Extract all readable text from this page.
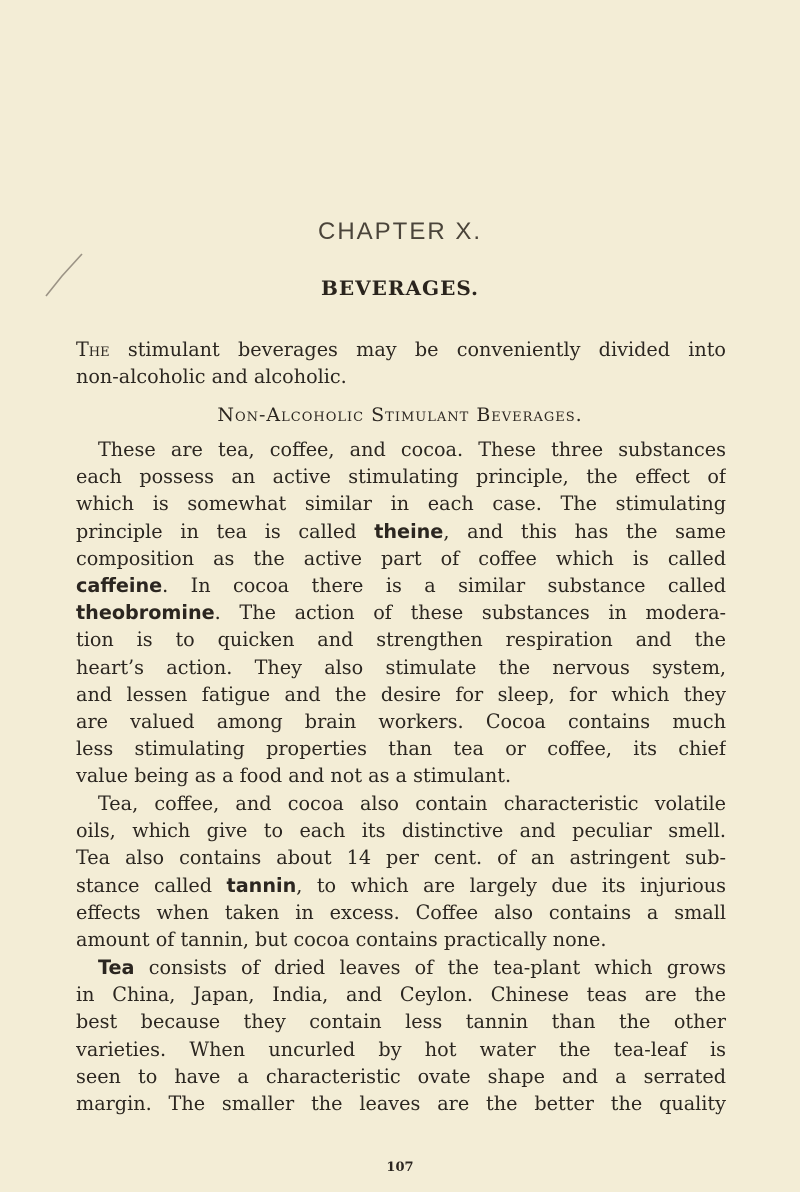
CHAPTER X.
BEVERAGES.
The stimulant beverages may be conveniently divided into
non-alcoholic and alcoholic.
Non-Alcoholic Stimulant Beverages.
These are tea, coffee, and cocoa. These three substances
each possess an active stimulating principle, the effect of
which is somewhat similar in each case. The stimulating
principle in tea is called theine, and this has the same
composition as the active part of coffee which is called
caffeine. In cocoa there is a similar substance called
theobromine. The action of these substances in modera-
tion is to quicken and strengthen respiration and the
heart’s action. They also stimulate the nervous system,
and lessen fatigue and the desire for sleep, for which they
are valued among brain workers. Cocoa contains much
less stimulating properties than tea or coffee, its chief
value being as a food and not as a stimulant.
Tea, coffee, and cocoa also contain characteristic volatile
oils, which give to each its distinctive and peculiar smell.
Tea also contains about 14 per cent. of an astringent sub-
stance called tannin, to which are largely due its injurious
effects when taken in excess. Coffee also contains a small
amount of tannin, but cocoa contains practically none.
Tea consists of dried leaves of the tea-plant which grows
in China, Japan, India, and Ceylon. Chinese teas are the
best because they contain less tannin than the other
varieties. When uncurled by hot water the tea-leaf is
seen to have a characteristic ovate shape and a serrated
margin. The smaller the leaves are the better the quality
107
